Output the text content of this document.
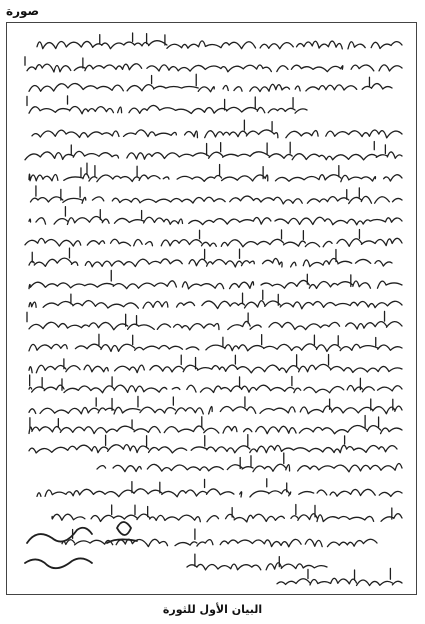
صورة
البيان الأول للثورة
